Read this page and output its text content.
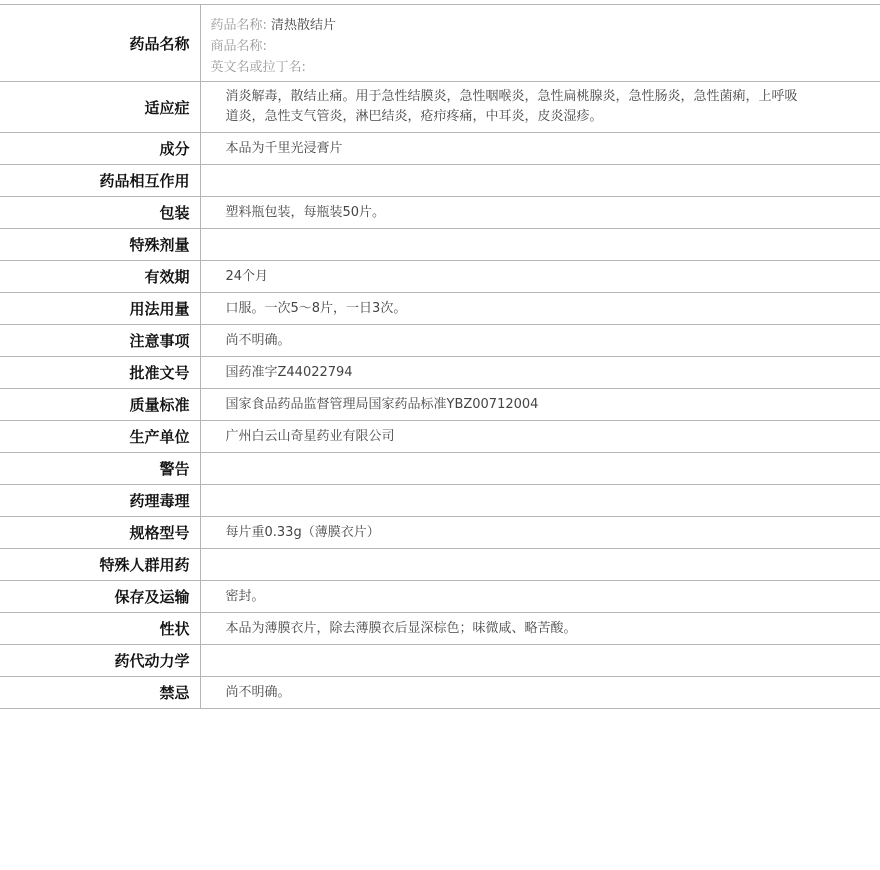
药品名称	药品名称: 清热散结片
商品名称:
英文名或拉丁名:

适应症	消炎解毒，散结止痛。用于急性结膜炎，急性咽喉炎，急性扁桃腺炎，急性肠炎，急性菌痢，上呼吸道炎，急性支气管炎，淋巴结炎，疮疖疼痛，中耳炎，皮炎湿疹。
成分	本品为千里光浸膏片
药品相互作用	
包装	塑料瓶包装，每瓶装50片。
特殊剂量	
有效期	24个月
用法用量	口服。一次5～8片，一日3次。
注意事项	尚不明确。
批准文号	国药准字Z44022794
质量标准	国家食品药品监督管理局国家药品标准YBZ00712004
生产单位	广州白云山奇星药业有限公司
警告	
药理毒理	
规格型号	每片重0.33g（薄膜衣片）
特殊人群用药	
保存及运输	密封。
性状	本品为薄膜衣片，除去薄膜衣后显深棕色；味微咸、略苦酸。
药代动力学	
禁忌	尚不明确。
